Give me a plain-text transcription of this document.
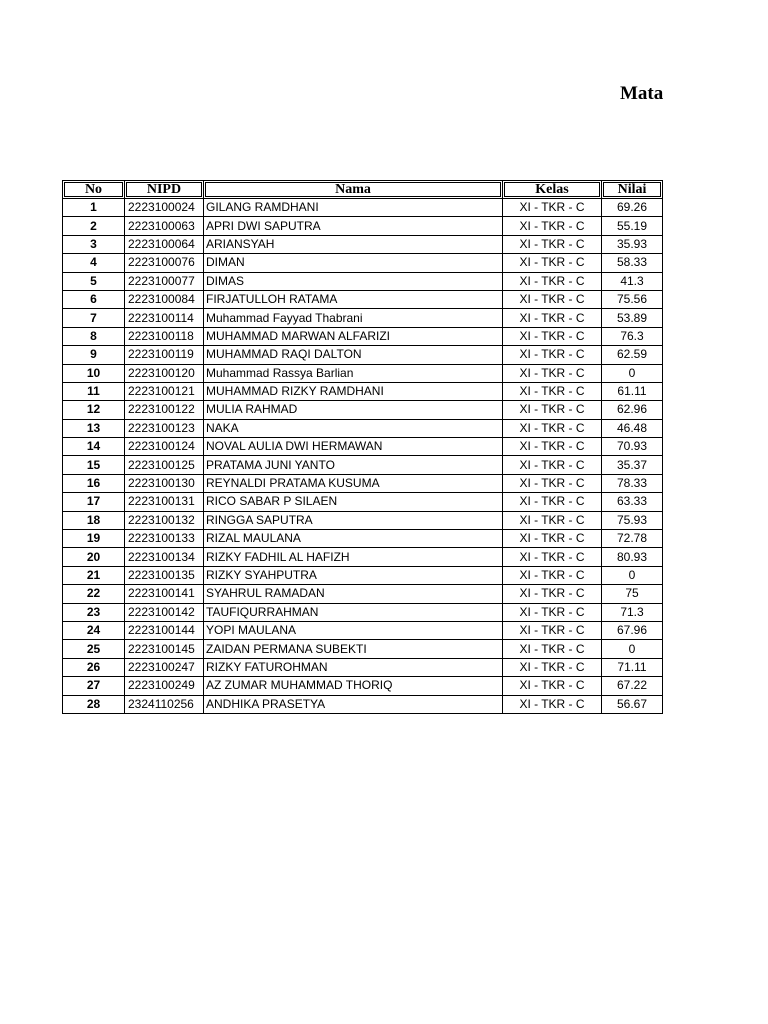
Mata
No	NIPD	Nama	Kelas	Nilai
1	2223100024	GILANG RAMDHANI	XI - TKR - C	69.26
2	2223100063	APRI DWI SAPUTRA	XI - TKR - C	55.19
3	2223100064	ARIANSYAH	XI - TKR - C	35.93
4	2223100076	DIMAN	XI - TKR - C	58.33
5	2223100077	DIMAS	XI - TKR - C	41.3
6	2223100084	FIRJATULLOH RATAMA	XI - TKR - C	75.56
7	2223100114	Muhammad Fayyad Thabrani	XI - TKR - C	53.89
8	2223100118	MUHAMMAD MARWAN ALFARIZI	XI - TKR - C	76.3
9	2223100119	MUHAMMAD RAQI DALTON	XI - TKR - C	62.59
10	2223100120	Muhammad Rassya Barlian	XI - TKR - C	0
11	2223100121	MUHAMMAD RIZKY RAMDHANI	XI - TKR - C	61.11
12	2223100122	MULIA RAHMAD	XI - TKR - C	62.96
13	2223100123	NAKA	XI - TKR - C	46.48
14	2223100124	NOVAL AULIA DWI HERMAWAN	XI - TKR - C	70.93
15	2223100125	PRATAMA JUNI YANTO	XI - TKR - C	35.37
16	2223100130	REYNALDI PRATAMA KUSUMA	XI - TKR - C	78.33
17	2223100131	RICO SABAR P SILAEN	XI - TKR - C	63.33
18	2223100132	RINGGA SAPUTRA	XI - TKR - C	75.93
19	2223100133	RIZAL MAULANA	XI - TKR - C	72.78
20	2223100134	RIZKY FADHIL AL HAFIZH	XI - TKR - C	80.93
21	2223100135	RIZKY SYAHPUTRA	XI - TKR - C	0
22	2223100141	SYAHRUL RAMADAN	XI - TKR - C	75
23	2223100142	TAUFIQURRAHMAN	XI - TKR - C	71.3
24	2223100144	YOPI MAULANA	XI - TKR - C	67.96
25	2223100145	ZAIDAN PERMANA SUBEKTI	XI - TKR - C	0
26	2223100247	RIZKY FATUROHMAN	XI - TKR - C	71.11
27	2223100249	AZ ZUMAR MUHAMMAD THORIQ	XI - TKR - C	67.22
28	2324110256	ANDHIKA PRASETYA	XI - TKR - C	56.67
